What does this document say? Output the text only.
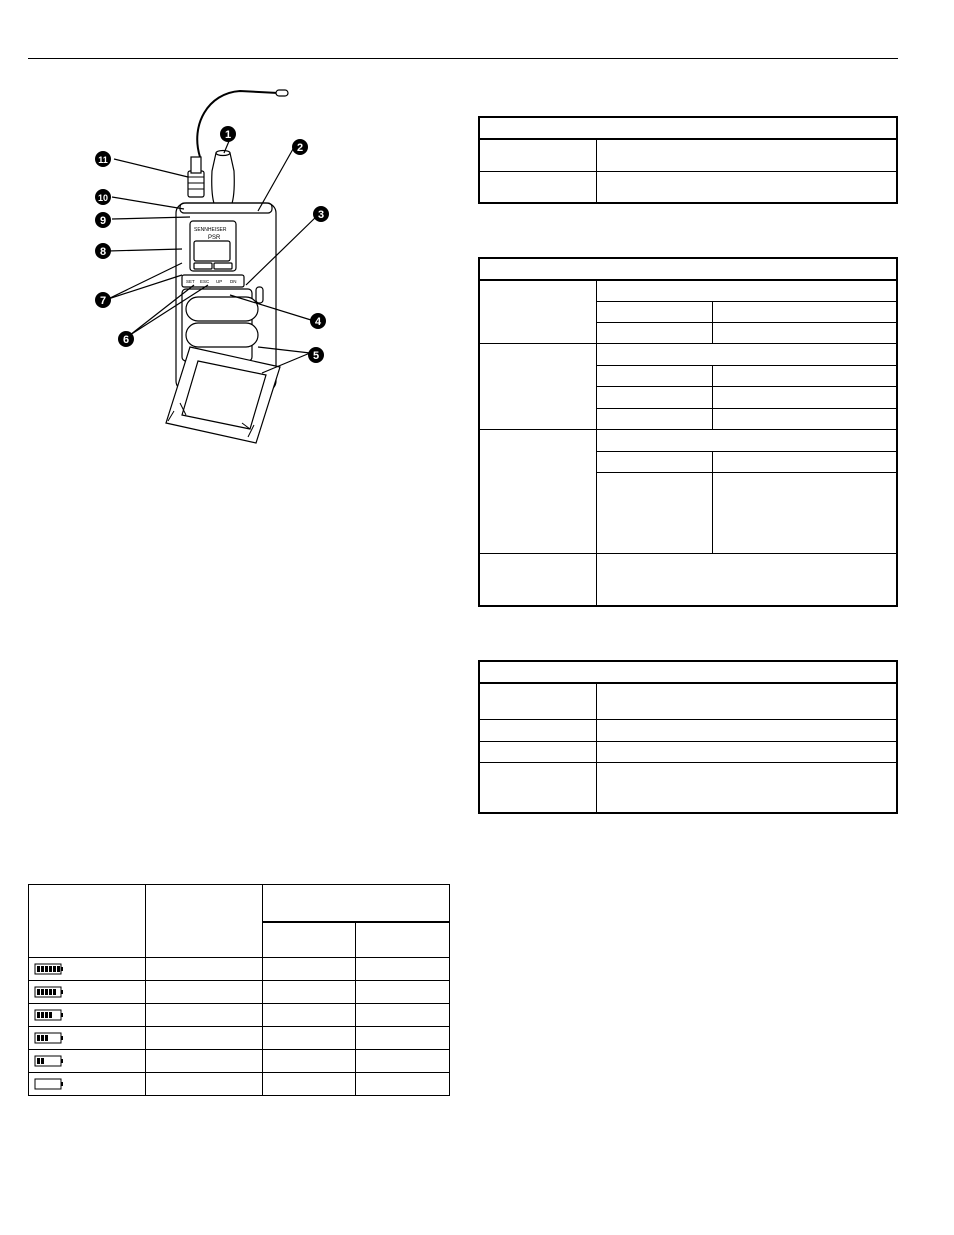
SENNHEISER
PSR
SET ESC UP DN
1
2
3
4
5
6
7
8
9
10
11
